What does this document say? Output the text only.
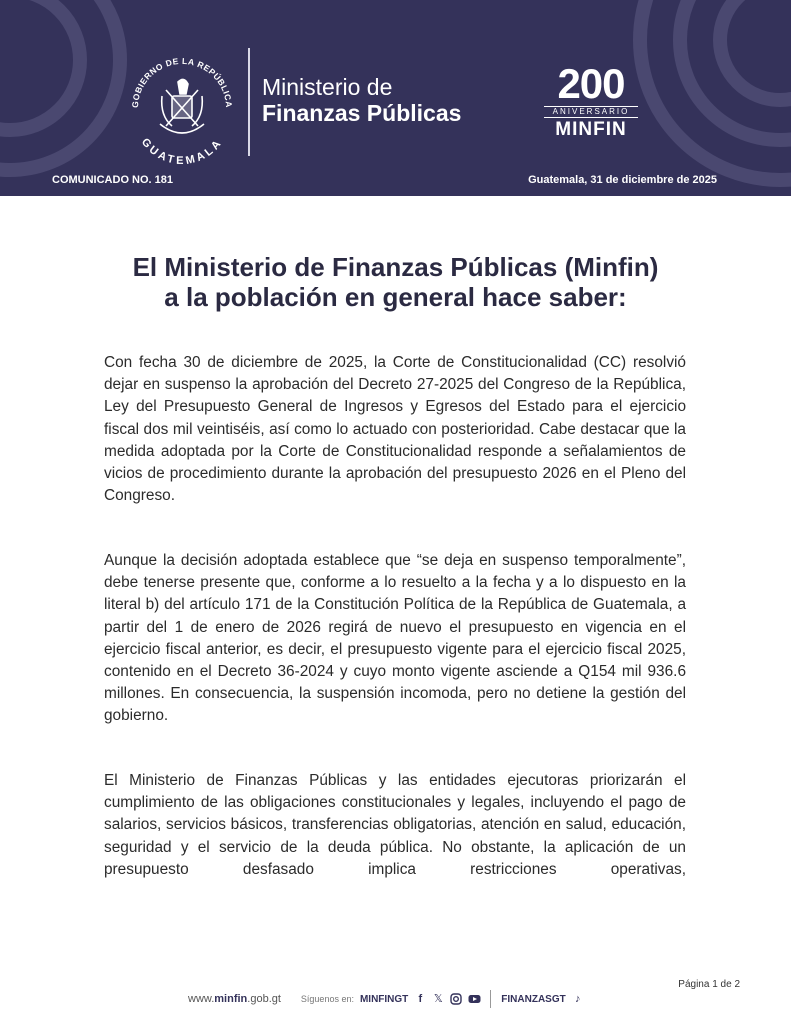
GOBIERNO DE LA REPÚBLICA
GUATEMALA
Ministerio de
Finanzas Públicas
200
ANIVERSARIO
MINFIN
COMUNICADO NO. 181	Guatemala, 31 de diciembre de 2025
El Ministerio de Finanzas Públicas (Minfin)
a la población en general hace saber:

Con fecha 30 de diciembre de 2025, la Corte de Constitucionalidad (CC) resolvió dejar en suspenso la aprobación del Decreto 27-2025 del Congreso de la República, Ley del Presupuesto General de Ingresos y Egresos del Estado para el ejercicio fiscal dos mil veintiséis, así como lo actuado con posterioridad. Cabe destacar que la medida adoptada por la Corte de Constitucionalidad responde a señalamientos de vicios de procedimiento durante la aprobación del presupuesto 2026 en el Pleno del Congreso.

Aunque la decisión adoptada establece que “se deja en suspenso temporalmente”, debe tenerse presente que, conforme a lo resuelto a la fecha y a lo dispuesto en la literal b) del artículo 171 de la Constitución Política de la República de Guatemala, a partir del 1 de enero de 2026 regirá de nuevo el presupuesto en vigencia en el ejercicio fiscal anterior, es decir, el presupuesto vigente para el ejercicio fiscal 2025, contenido en el Decreto 36-2024 y cuyo monto vigente asciende a Q154 mil 936.6 millones. En consecuencia, la suspensión incomoda, pero no detiene la gestión del gobierno.

El Ministerio de Finanzas Públicas y las entidades ejecutoras priorizarán el cumplimiento de las obligaciones constitucionales y legales, incluyendo el pago de salarios, servicios básicos, transferencias obligatorias, atención en salud, educación, seguridad y el servicio de la deuda pública. No obstante, la aplicación de un presupuesto desfasado implica restricciones operativas,

Página 1 de 2
www.minfin.gob.gt Síguenos en: MINFINGT f	𝕏	FINANZASGT ♪
